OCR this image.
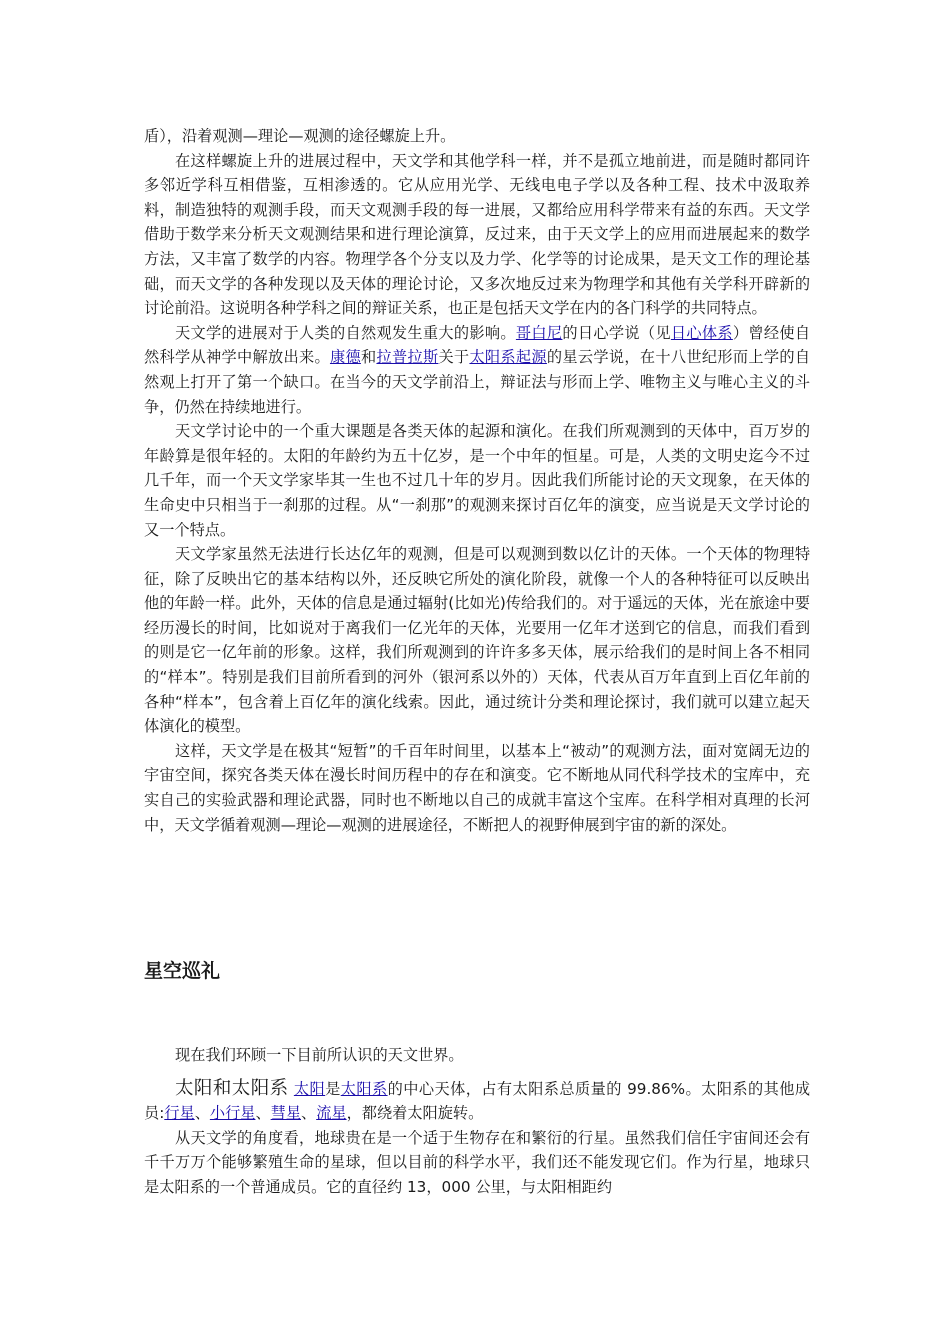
盾），沿着观测—理论—观测的途径螺旋上升。

在这样螺旋上升的进展过程中，天文学和其他学科一样，并不是孤立地前进，而是随时都同许多邻近学科互相借鉴，互相渗透的。它从应用光学、无线电电子学以及各种工程、技术中汲取养料，制造独特的观测手段，而天文观测手段的每一进展，又都给应用科学带来有益的东西。天文学借助于数学来分析天文观测结果和进行理论演算，反过来，由于天文学上的应用而进展起来的数学方法，又丰富了数学的内容。物理学各个分支以及力学、化学等的讨论成果，是天文工作的理论基础，而天文学的各种发现以及天体的理论讨论，又多次地反过来为物理学和其他有关学科开辟新的讨论前沿。这说明各种学科之间的辩证关系，也正是包括天文学在内的各门科学的共同特点。

天文学的进展对于人类的自然观发生重大的影响。哥白尼的日心学说（见日心体系）曾经使自然科学从神学中解放出来。康德和拉普拉斯关于太阳系起源的星云学说，在十八世纪形而上学的自然观上打开了第一个缺口。在当今的天文学前沿上，辩证法与形而上学、唯物主义与唯心主义的斗争，仍然在持续地进行。

天文学讨论中的一个重大课题是各类天体的起源和演化。在我们所观测到的天体中，百万岁的年龄算是很年轻的。太阳的年龄约为五十亿岁，是一个中年的恒星。可是，人类的文明史迄今不过几千年，而一个天文学家毕其一生也不过几十年的岁月。因此我们所能讨论的天文现象，在天体的生命史中只相当于一刹那的过程。从“一刹那”的观测来探讨百亿年的演变，应当说是天文学讨论的又一个特点。

天文学家虽然无法进行长达亿年的观测，但是可以观测到数以亿计的天体。一个天体的物理特征，除了反映出它的基本结构以外，还反映它所处的演化阶段，就像一个人的各种特征可以反映出他的年龄一样。此外，天体的信息是通过辐射(比如光)传给我们的。对于遥远的天体，光在旅途中要经历漫长的时间，比如说对于离我们一亿光年的天体，光要用一亿年才送到它的信息，而我们看到的则是它一亿年前的形象。这样，我们所观测到的许许多多天体，展示给我们的是时间上各不相同的“样本”。特别是我们目前所看到的河外（银河系以外的）天体，代表从百万年直到上百亿年前的各种“样本”，包含着上百亿年的演化线索。因此，通过统计分类和理论探讨，我们就可以建立起天体演化的模型。

这样，天文学是在极其“短暂”的千百年时间里，以基本上“被动”的观测方法，面对宽阔无边的宇宙空间，探究各类天体在漫长时间历程中的存在和演变。它不断地从同代科学技术的宝库中，充实自己的实验武器和理论武器，同时也不断地以自己的成就丰富这个宝库。在科学相对真理的长河中，天文学循着观测—理论—观测的进展途径，不断把人的视野伸展到宇宙的新的深处。

星空巡礼

现在我们环顾一下目前所认识的天文世界。

太阳和太阳系 太阳是太阳系的中心天体，占有太阳系总质量的 99.86%。太阳系的其他成员:行星、小行星、彗星、流星，都绕着太阳旋转。

从天文学的角度看，地球贵在是一个适于生物存在和繁衍的行星。虽然我们信任宇宙间还会有千千万万个能够繁殖生命的星球，但以目前的科学水平，我们还不能发现它们。作为行星，地球只是太阳系的一个普通成员。它的直径约 13，000 公里，与太阳相距约
